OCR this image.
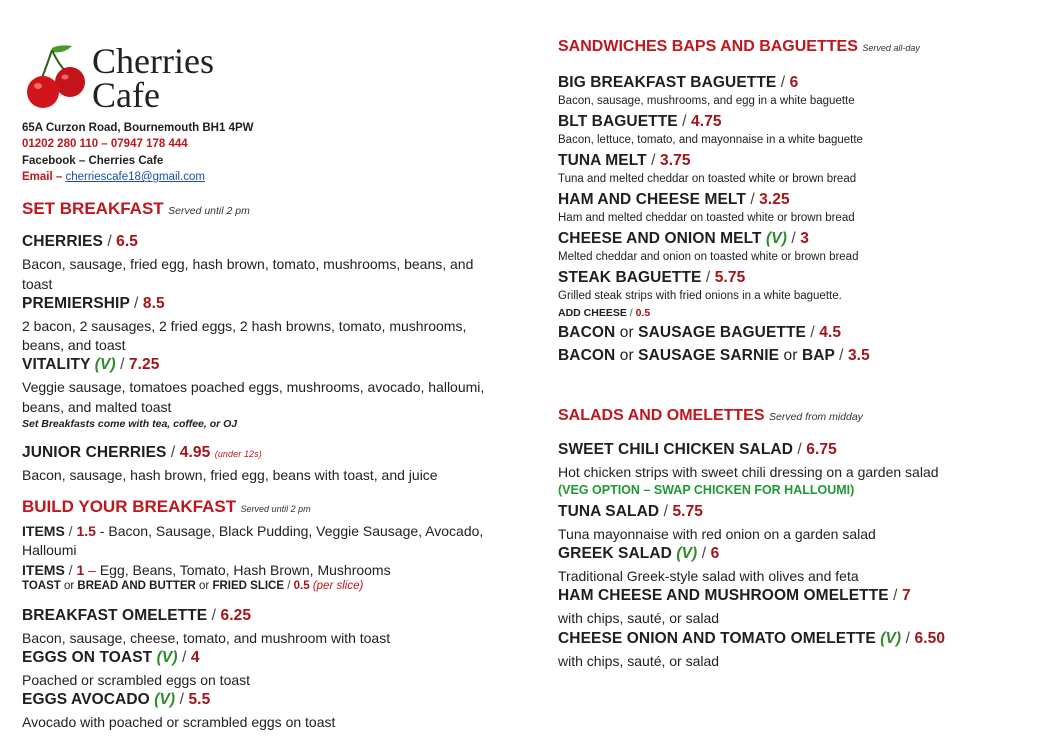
Cherries
Cafe
65A Curzon Road, Bournemouth BH1 4PW
01202 280 110 – 07947 178 444
Facebook – Cherries Cafe
Email – cherriescafe18@gmail.com
SET BREAKFAST Served until 2 pm
CHERRIES / 6.5
Bacon, sausage, fried egg, hash brown, tomato, mushrooms, beans, and
toast
PREMIERSHIP / 8.5
2 bacon, 2 sausages, 2 fried eggs, 2 hash browns, tomato, mushrooms,
beans, and toast
VITALITY (V) / 7.25
Veggie sausage, tomatoes poached eggs, mushrooms, avocado, halloumi,
beans, and malted toast
Set Breakfasts come with tea, coffee, or OJ
JUNIOR CHERRIES / 4.95 (under 12s)
Bacon, sausage, hash brown, fried egg, beans with toast, and juice
BUILD YOUR BREAKFAST Served until 2 pm
ITEMS / 1.5 - Bacon, Sausage, Black Pudding, Veggie Sausage, Avocado,
Halloumi
ITEMS / 1 – Egg, Beans, Tomato, Hash Brown, Mushrooms
TOAST or BREAD AND BUTTER or FRIED SLICE / 0.5 (per slice)
BREAKFAST OMELETTE / 6.25
Bacon, sausage, cheese, tomato, and mushroom with toast
EGGS ON TOAST (V) / 4
Poached or scrambled eggs on toast
EGGS AVOCADO (V) / 5.5
Avocado with poached or scrambled eggs on toast
SANDWICHES BAPS AND BAGUETTES Served all-day
BIG BREAKFAST BAGUETTE / 6
Bacon, sausage, mushrooms, and egg in a white baguette
BLT BAGUETTE / 4.75
Bacon, lettuce, tomato, and mayonnaise in a white baguette
TUNA MELT / 3.75
Tuna and melted cheddar on toasted white or brown bread
HAM AND CHEESE MELT / 3.25
Ham and melted cheddar on toasted white or brown bread
CHEESE AND ONION MELT (V) / 3
Melted cheddar and onion on toasted white or brown bread
STEAK BAGUETTE / 5.75
Grilled steak strips with fried onions in a white baguette.
ADD CHEESE / 0.5
BACON or SAUSAGE BAGUETTE / 4.5
BACON or SAUSAGE SARNIE or BAP / 3.5
SALADS AND OMELETTES Served from midday
SWEET CHILI CHICKEN SALAD / 6.75
Hot chicken strips with sweet chili dressing on a garden salad
(VEG OPTION – SWAP CHICKEN FOR HALLOUMI)
TUNA SALAD / 5.75
Tuna mayonnaise with red onion on a garden salad
GREEK SALAD (V) / 6
Traditional Greek-style salad with olives and feta
HAM CHEESE AND MUSHROOM OMELETTE / 7
with chips, sauté, or salad
CHEESE ONION AND TOMATO OMELETTE (V) / 6.50
with chips, sauté, or salad
